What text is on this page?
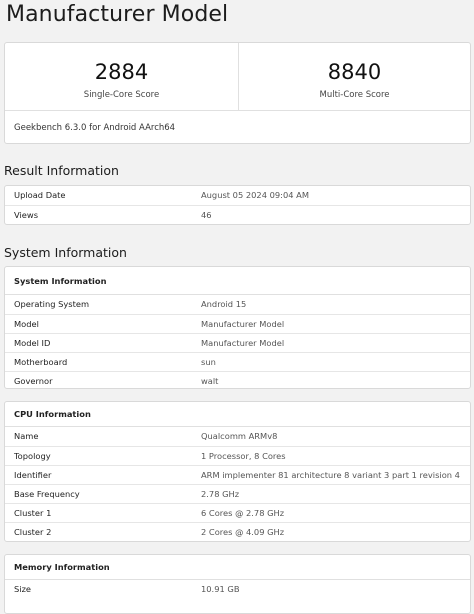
Manufacturer Model
2884
Single-Core Score
8840
Multi-Core Score
Geekbench 6.3.0 for Android AArch64
Result Information
Upload Date	August 05 2024 09:04 AM
Views	46
System Information
System Information
Operating System	Android 15
Model	Manufacturer Model
Model ID	Manufacturer Model
Motherboard	sun
Governor	walt
CPU Information
Name	Qualcomm ARMv8
Topology	1 Processor, 8 Cores
Identifier	ARM implementer 81 architecture 8 variant 3 part 1 revision 4
Base Frequency	2.78 GHz
Cluster 1	6 Cores @ 2.78 GHz
Cluster 2	2 Cores @ 4.09 GHz
Memory Information
Size	10.91 GB
